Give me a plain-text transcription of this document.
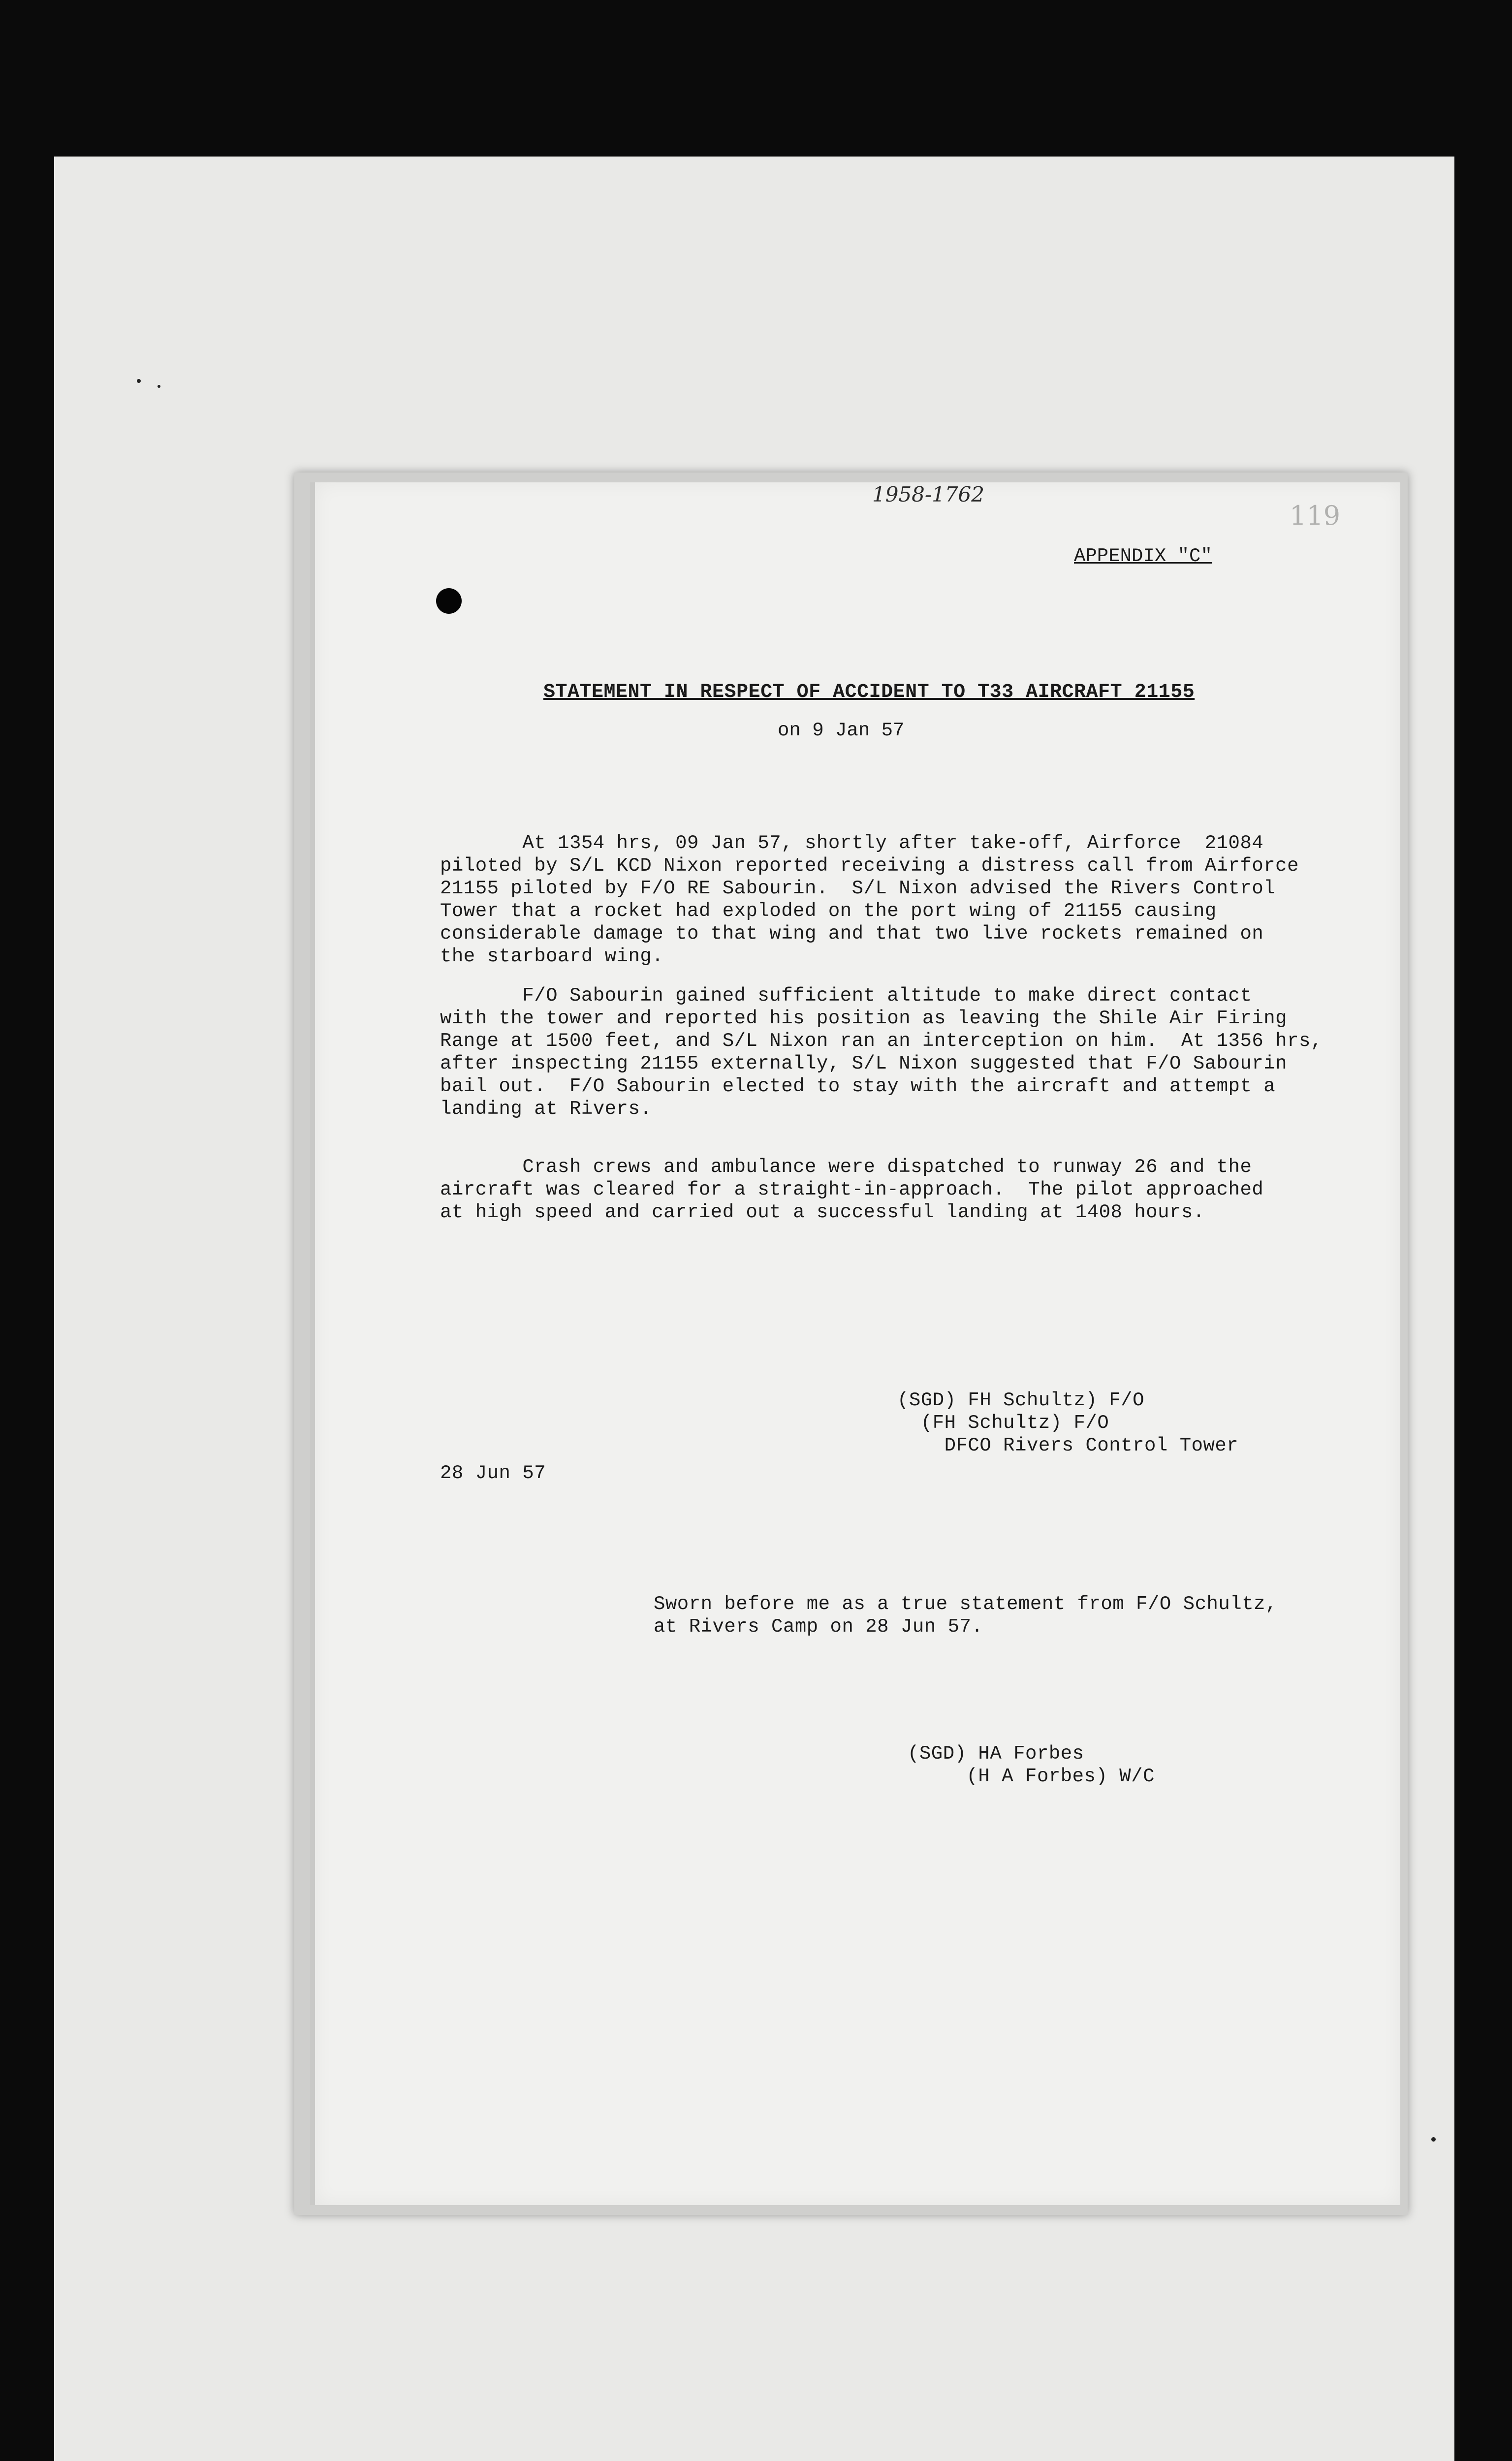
1958-1762
119
APPENDIX "C"
STATEMENT IN RESPECT OF ACCIDENT TO T33 AIRCRAFT 21155
on 9 Jan 57
At 1354 hrs, 09 Jan 57, shortly after take-off, Airforce  21084
piloted by S/L KCD Nixon reported receiving a distress call from Airforce
21155 piloted by F/O RE Sabourin.  S/L Nixon advised the Rivers Control
Tower that a rocket had exploded on the port wing of 21155 causing
considerable damage to that wing and that two live rockets remained on
the starboard wing.
F/O Sabourin gained sufficient altitude to make direct contact
with the tower and reported his position as leaving the Shile Air Firing
Range at 1500 feet, and S/L Nixon ran an interception on him.  At 1356 hrs,
after inspecting 21155 externally, S/L Nixon suggested that F/O Sabourin
bail out.  F/O Sabourin elected to stay with the aircraft and attempt a
landing at Rivers.
Crash crews and ambulance were dispatched to runway 26 and the
aircraft was cleared for a straight-in-approach.  The pilot approached
at high speed and carried out a successful landing at 1408 hours.
(SGD) FH Schultz) F/O
(FH Schultz) F/O
DFCO Rivers Control Tower
28 Jun 57
Sworn before me as a true statement from F/O Schultz,
at Rivers Camp on 28 Jun 57.
(SGD) HA Forbes
(H A Forbes) W/C
